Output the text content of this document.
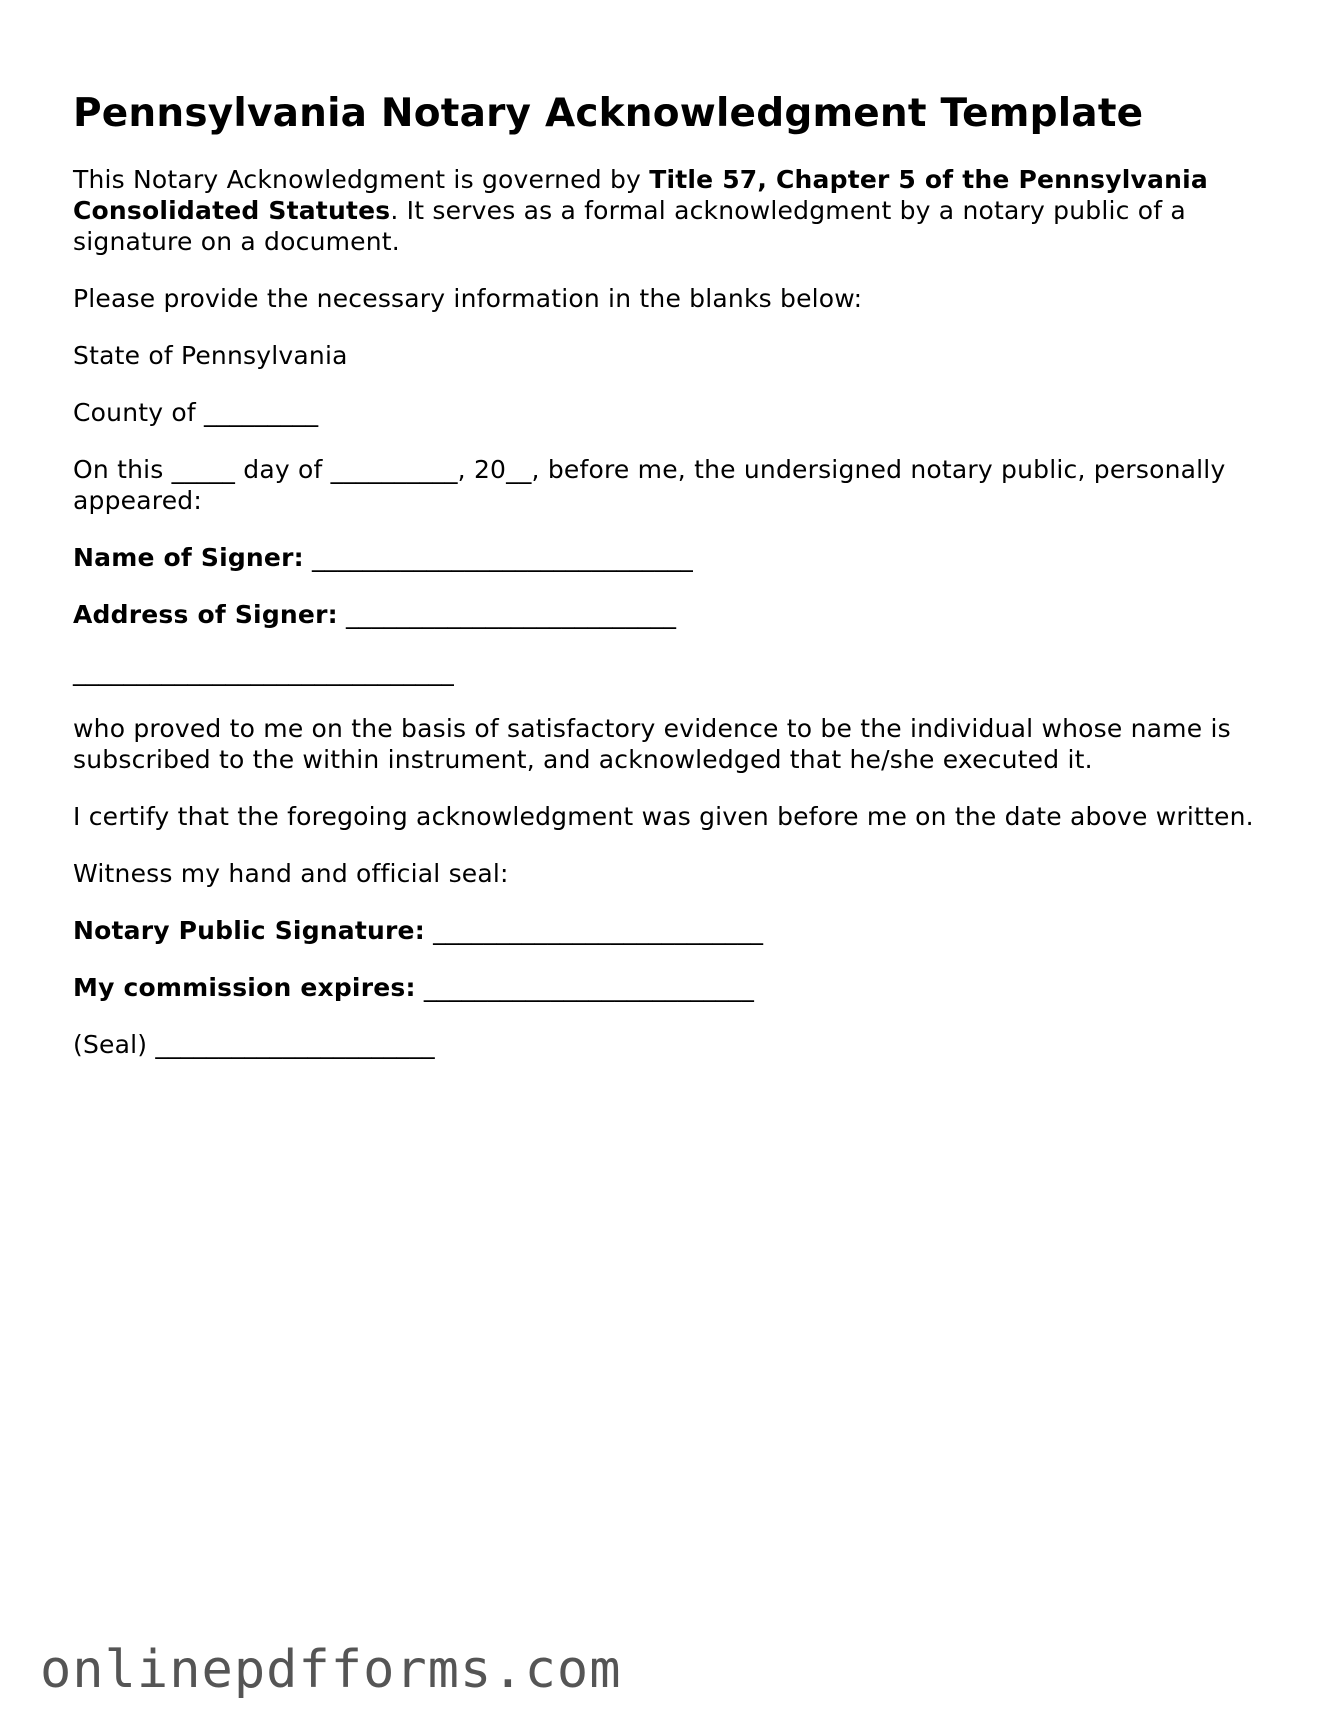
Pennsylvania Notary Acknowledgment Template

This Notary Acknowledgment is governed by Title 57, Chapter 5 of the Pennsylvania Consolidated Statutes. It serves as a formal acknowledgment by a notary public of a signature on a document.

Please provide the necessary information in the blanks below:

State of Pennsylvania

County of _________

On this _____ day of __________, 20__, before me, the undersigned notary public, personally appeared:

Name of Signer: ______________________________

Address of Signer: __________________________

______________________________

who proved to me on the basis of satisfactory evidence to be the individual whose name is subscribed to the within instrument, and acknowledged that he/she executed it.

I certify that the foregoing acknowledgment was given before me on the date above written.

Witness my hand and official seal:

Notary Public Signature: __________________________

My commission expires: __________________________

(Seal) ______________________

onlinepdfforms.com
